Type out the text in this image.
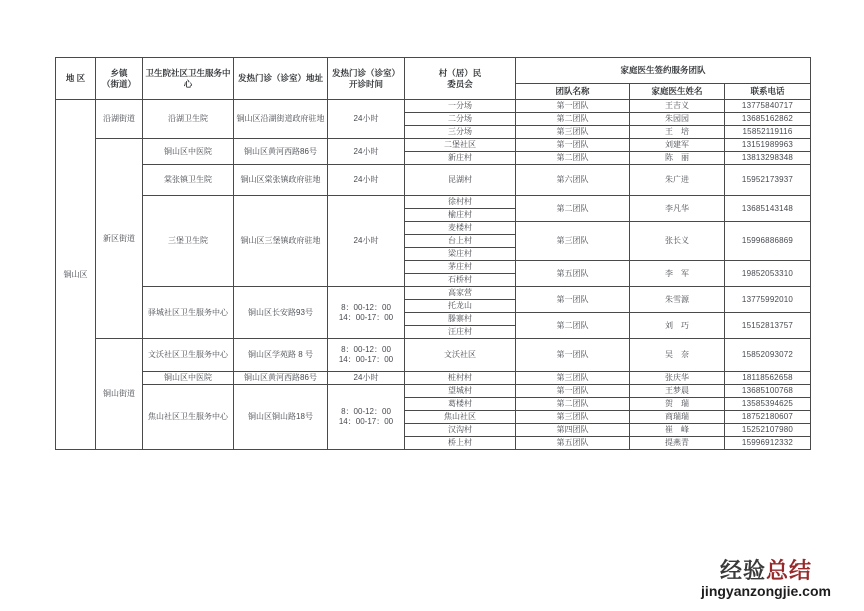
地 区	乡镇
（街道）	卫生院社区卫生服务中心	发热门诊（诊室）地址	发热门诊（诊室）
开诊时间	村（居）民
委员会	家庭医生签约服务团队		
						团队名称	家庭医生姓名	联系电话
铜山区	沿湖街道	沿湖卫生院	铜山区沿湖街道政府驻地	24小时	一分场	第一团队	王吉义	13775840717
					二分场	第二团队	朱园园	13685162862
					三分场	第三团队	王　培	15852119116
	新区街道	铜山区中医院	铜山区黄河西路86号	24小时	二堡社区	第一团队	刘建军	13151989963
					新庄村	第二团队	陈　丽	13813298348
		棠张镇卫生院	铜山区棠张镇政府驻地	24小时	昆湖村	第六团队	朱广进	15952173937
		三堡卫生院	铜山区三堡镇政府驻地	24小时	徐村村	第二团队	李凡华	13685143148
					榆庄村			
					麦楼村	第三团队	张长义	15996886869
					台上村			
					梁庄村			
					茅庄村	第五团队	李　军	19852053310
					石桥村			
		驿城社区卫生服务中心	铜山区长安路93号	8：00-12：00
14：00-17：00	高家营	第一团队	朱雪源	13775992010
					托龙山			
					滕寨村	第二团队	刘　巧	15152813757
					汪庄村			
	铜山街道	文沃社区卫生服务中心	铜山区学苑路 8 号	8：00-12：00
14：00-17：00	文沃社区	第一团队	吴　奈	15852093072
		铜山区中医院	铜山区黄河西路86号	24小时	桩村村	第三团队	张庆华	18118562658
		焦山社区卫生服务中心	铜山区铜山路18号	8：00-12：00
14：00-17：00	望城村	第一团队	王梦晨	13685100768
					葛楼村	第二团队	贺　瑞	13585394625
					焦山社区	第三团队	商瑞瑞	18752180607
					汉沟村	第四团队	崔　峰	15252107980
					桥上村	第五团队	提燕青	15996912332
经验总结
jingyanzongjie.com
